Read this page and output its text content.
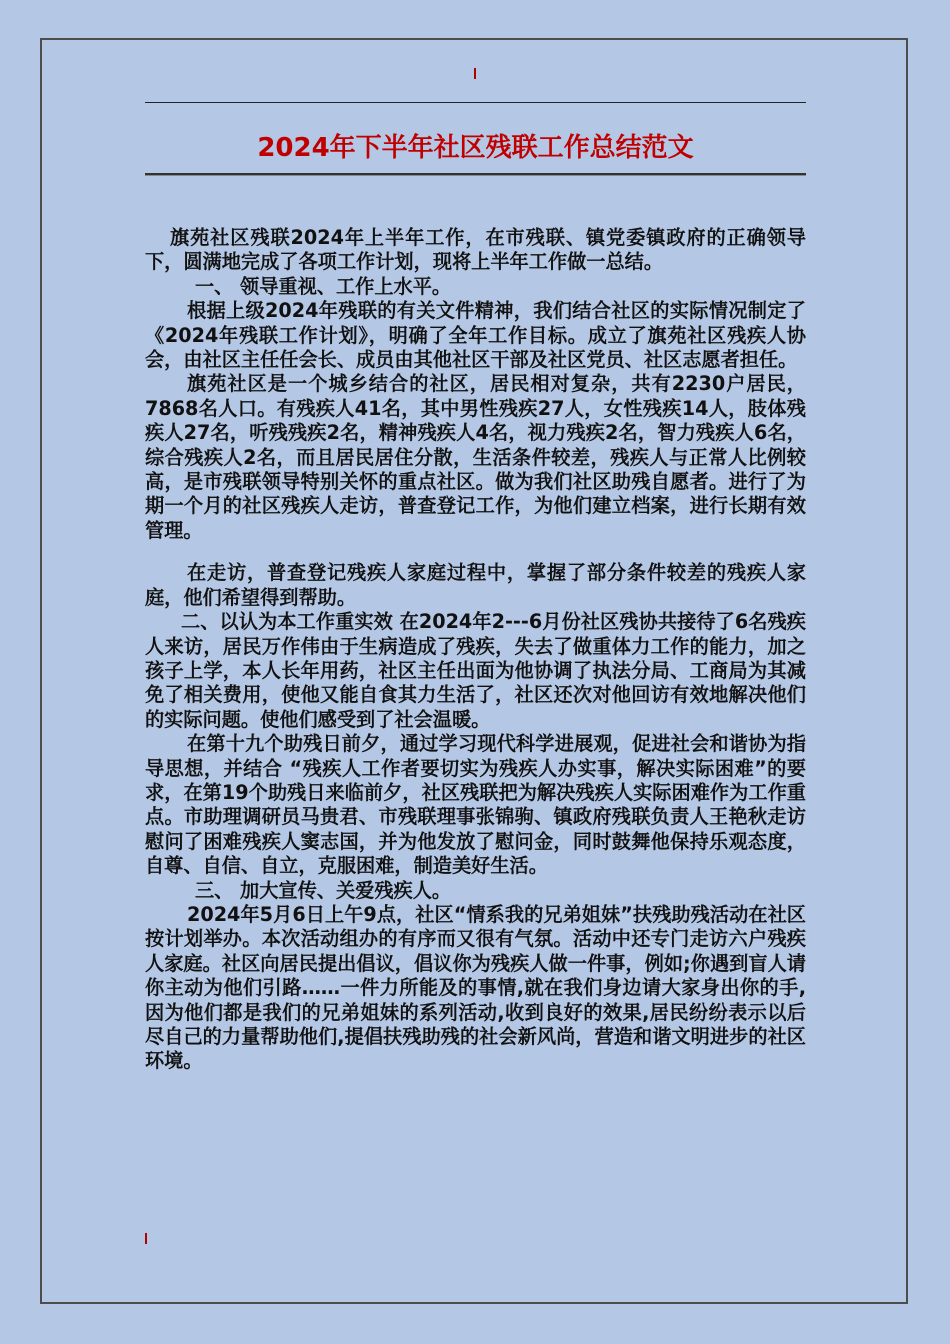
2024年下半年社区残联工作总结范文

旗苑社区残联2024年上半年工作，在市残联、镇党委镇政府的正确领导下，圆满地完成了各项工作计划，现将上半年工作做一总结。

一、 领导重视、工作上水平。

根据上级2024年残联的有关文件精神，我们结合社区的实际情况制定了《2024年残联工作计划》，明确了全年工作目标。成立了旗苑社区残疾人协会，由社区主任任会长、成员由其他社区干部及社区党员、社区志愿者担任。

旗苑社区是一个城乡结合的社区，居民相对复杂，共有2230户居民，7868名人口。有残疾人41名，其中男性残疾27人，女性残疾14人，肢体残疾人27名，听残残疾2名，精神残疾人4名，视力残疾2名，智力残疾人6名，综合残疾人2名，而且居民居住分散，生活条件较差，残疾人与正常人比例较高，是市残联领导特别关怀的重点社区。做为我们社区助残自愿者。进行了为期一个月的社区残疾人走访，普查登记工作，为他们建立档案，进行长期有效管理。

在走访，普查登记残疾人家庭过程中，掌握了部分条件较差的残疾人家庭，他们希望得到帮助。

二、以认为本工作重实效 在2024年2---6月份社区残协共接待了6名残疾人来访，居民万作伟由于生病造成了残疾，失去了做重体力工作的能力，加之孩子上学，本人长年用药，社区主任出面为他协调了执法分局、工商局为其减免了相关费用，使他又能自食其力生活了，社区还次对他回访有效地解决他们的实际问题。使他们感受到了社会温暖。

在第十九个助残日前夕，通过学习现代科学进展观，促进社会和谐协为指导思想，并结合 “残疾人工作者要切实为残疾人办实事，解决实际困难”的要求，在第19个助残日来临前夕，社区残联把为解决残疾人实际困难作为工作重点。市助理调研员马贵君、市残联理事张锦驹、镇政府残联负责人王艳秋走访慰问了困难残疾人窦志国，并为他发放了慰问金，同时鼓舞他保持乐观态度，自尊、自信、自立，克服困难，制造美好生活。

三、 加大宣传、关爱残疾人。

2024年5月6日上午9点，社区“情系我的兄弟姐妹”扶残助残活动在社区按计划举办。本次活动组办的有序而又很有气氛。活动中还专门走访六户残疾人家庭。社区向居民提出倡议，倡议你为残疾人做一件事，例如;你遇到盲人请你主动为他们引路……一件力所能及的事情,就在我们身边请大家身出你的手,因为他们都是我们的兄弟姐妹的系列活动,收到良好的效果,居民纷纷表示以后尽自己的力量帮助他们,提倡扶残助残的社会新风尚，营造和谐文明进步的社区环境。
